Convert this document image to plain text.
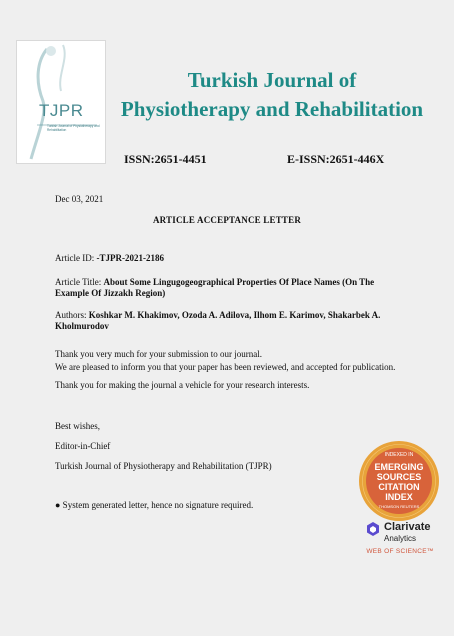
TJPR
Turkish Journal of Physiotherapy and Rehabilitation
Turkish Journal of
Physiotherapy and Rehabilitation
ISSN:2651-4451	E-ISSN:2651-446X
Dec 03, 2021
ARTICLE ACCEPTANCE LETTER
Article ID: -TJPR-2021-2186
Article Title: About Some Lingugogeographical Properties Of Place Names (On The Example Of Jizzakh Region)
Authors: Koshkar M. Khakimov, Ozoda A. Adilova, Ilhom E. Karimov, Shakarbek A. Kholmurodov
Thank you very much for your submission to our journal.
We are pleased to inform you that your paper has been reviewed, and accepted for publication.
Thank you for making the journal a vehicle for your research interests.
Best wishes,
Editor-in-Chief
Turkish Journal of Physiotherapy and Rehabilitation (TJPR)
● System generated letter, hence no signature required.
INDEXED IN
EMERGING
SOURCES
CITATION
INDEX
THOMSON REUTERS
Clarivate
Analytics
WEB OF SCIENCE™
